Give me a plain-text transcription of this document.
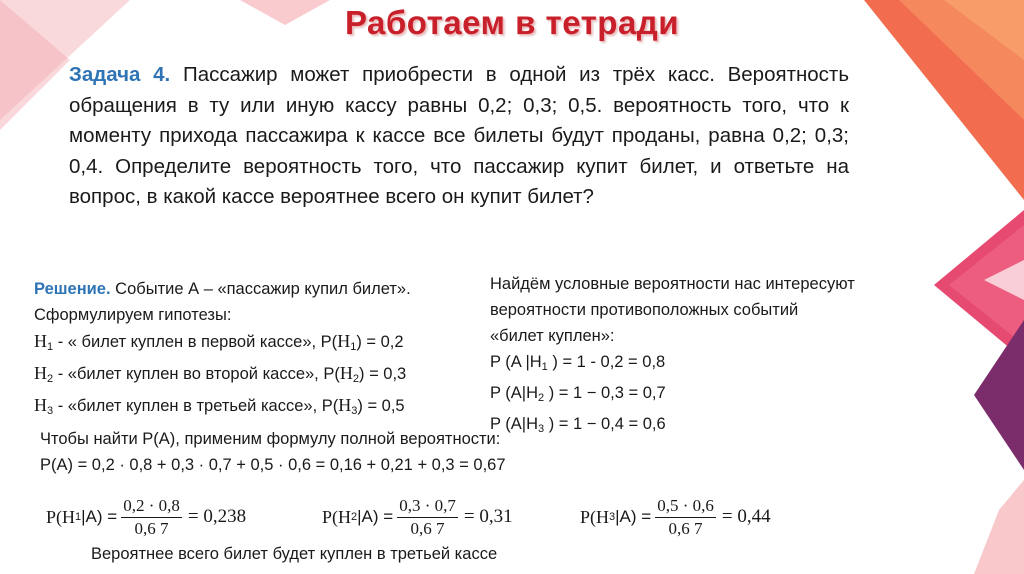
Работаем в тетради
Задача 4. Пассажир может приобрести в одной из трёх касс. Вероятность обращения в ту или иную кассу равны 0,2; 0,3; 0,5. вероятность того, что к моменту прихода пассажира к кассе все билеты будут проданы, равна 0,2; 0,3; 0,4. Определите вероятность того, что пассажир купит билет, и ответьте на вопрос, в какой кассе вероятнее всего он купит билет?
Решение. Событие А – «пассажир купил билет».
Сформулируем гипотезы:
$H_1$ - « билет куплен в первой кассе», $P(H_1) = 0,2$
$H_2$ - «билет куплен во второй кассе», $P(H_2) = 0,3$
$H_3$ - «билет куплен в третьей кассе», $P(H_3) = 0,5$
Найдём условные вероятности нас интересуют
вероятности противоположных событий
«билет куплен»:
P (A $|H_1$ ) = 1 - 0,2 = 0,8
P ($A|H_2$ ) = 1 − 0,3 = 0,7
P ($A|H_3$ ) = 1 − 0,4 = 0,6
Чтобы найти P(A), применим формулу полной вероятности:
P(A) = 0,2 · 0,8 + 0,3 · 0,7 + 0,5 · 0,6 = 0,16 + 0,21 + 0,3 = 0,67
P(H 1 $|A) = \frac{0,2 \cdot 0,8}{0,6 7} = 0,238$	P(H 2 $|A) = \frac{0,3 \cdot 0,7}{0,6 7} = 0,31$	P(H 3 $|A) = \frac{0,5 \cdot 0,6}{0,6 7} = 0,44$
Вероятнее всего билет будет куплен в третьей кассе
